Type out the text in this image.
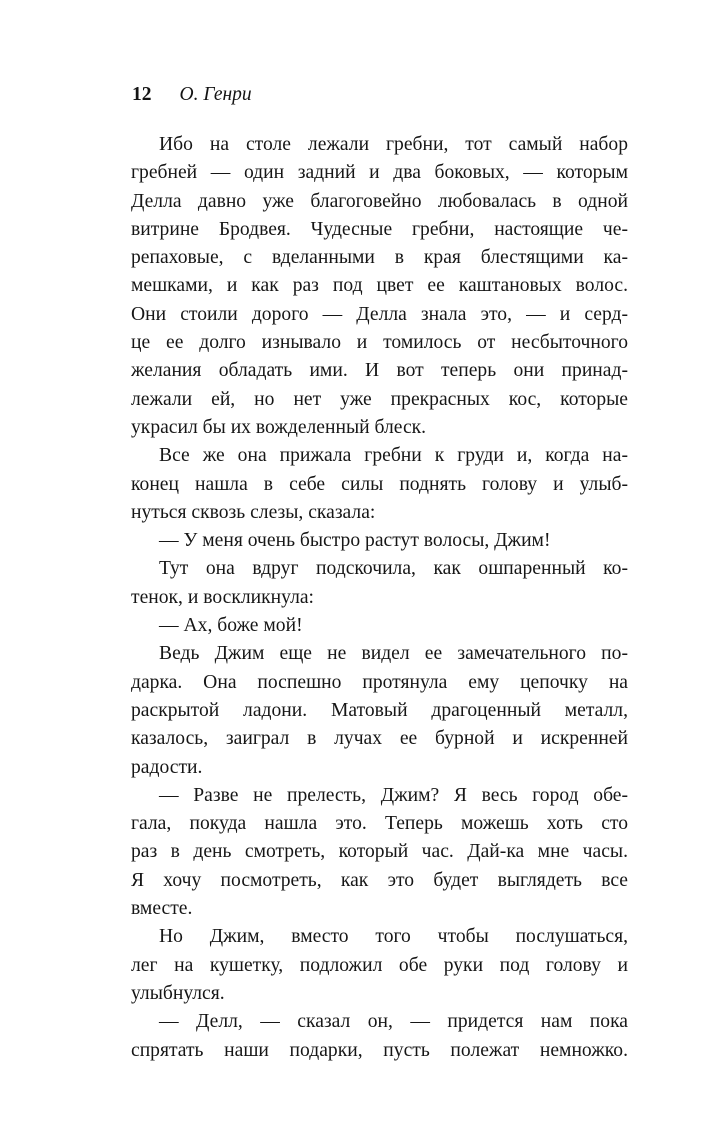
12 О. Генри
Ибо на столе лежали гребни, тот самый набор
гребней — один задний и два боковых, — которым
Делла давно уже благоговейно любовалась в одной
витрине Бродвея. Чудесные гребни, настоящие че-
репаховые, с вделанными в края блестящими ка-
мешками, и как раз под цвет ее каштановых волос.
Они стоили дорого — Делла знала это, — и серд-
це ее долго изнывало и томилось от несбыточного
желания обладать ими. И вот теперь они принад-
лежали ей, но нет уже прекрасных кос, которые
украсил бы их вожделенный блеск.
Все же она прижала гребни к груди и, когда на-
конец нашла в себе силы поднять голову и улыб-
нуться сквозь слезы, сказала:
— У меня очень быстро растут волосы, Джим!
Тут она вдруг подскочила, как ошпаренный ко-
тенок, и воскликнула:
— Ах, боже мой!
Ведь Джим еще не видел ее замечательного по-
дарка. Она поспешно протянула ему цепочку на
раскрытой ладони. Матовый драгоценный металл,
казалось, заиграл в лучах ее бурной и искренней
радости.
— Разве не прелесть, Джим? Я весь город обе-
гала, покуда нашла это. Теперь можешь хоть сто
раз в день смотреть, который час. Дай-ка мне часы.
Я хочу посмотреть, как это будет выглядеть все
вместе.
Но Джим, вместо того чтобы послушаться,
лег на кушетку, подложил обе руки под голову и
улыбнулся.
— Делл, — сказал он, — придется нам пока
спрятать наши подарки, пусть полежат немножко.
